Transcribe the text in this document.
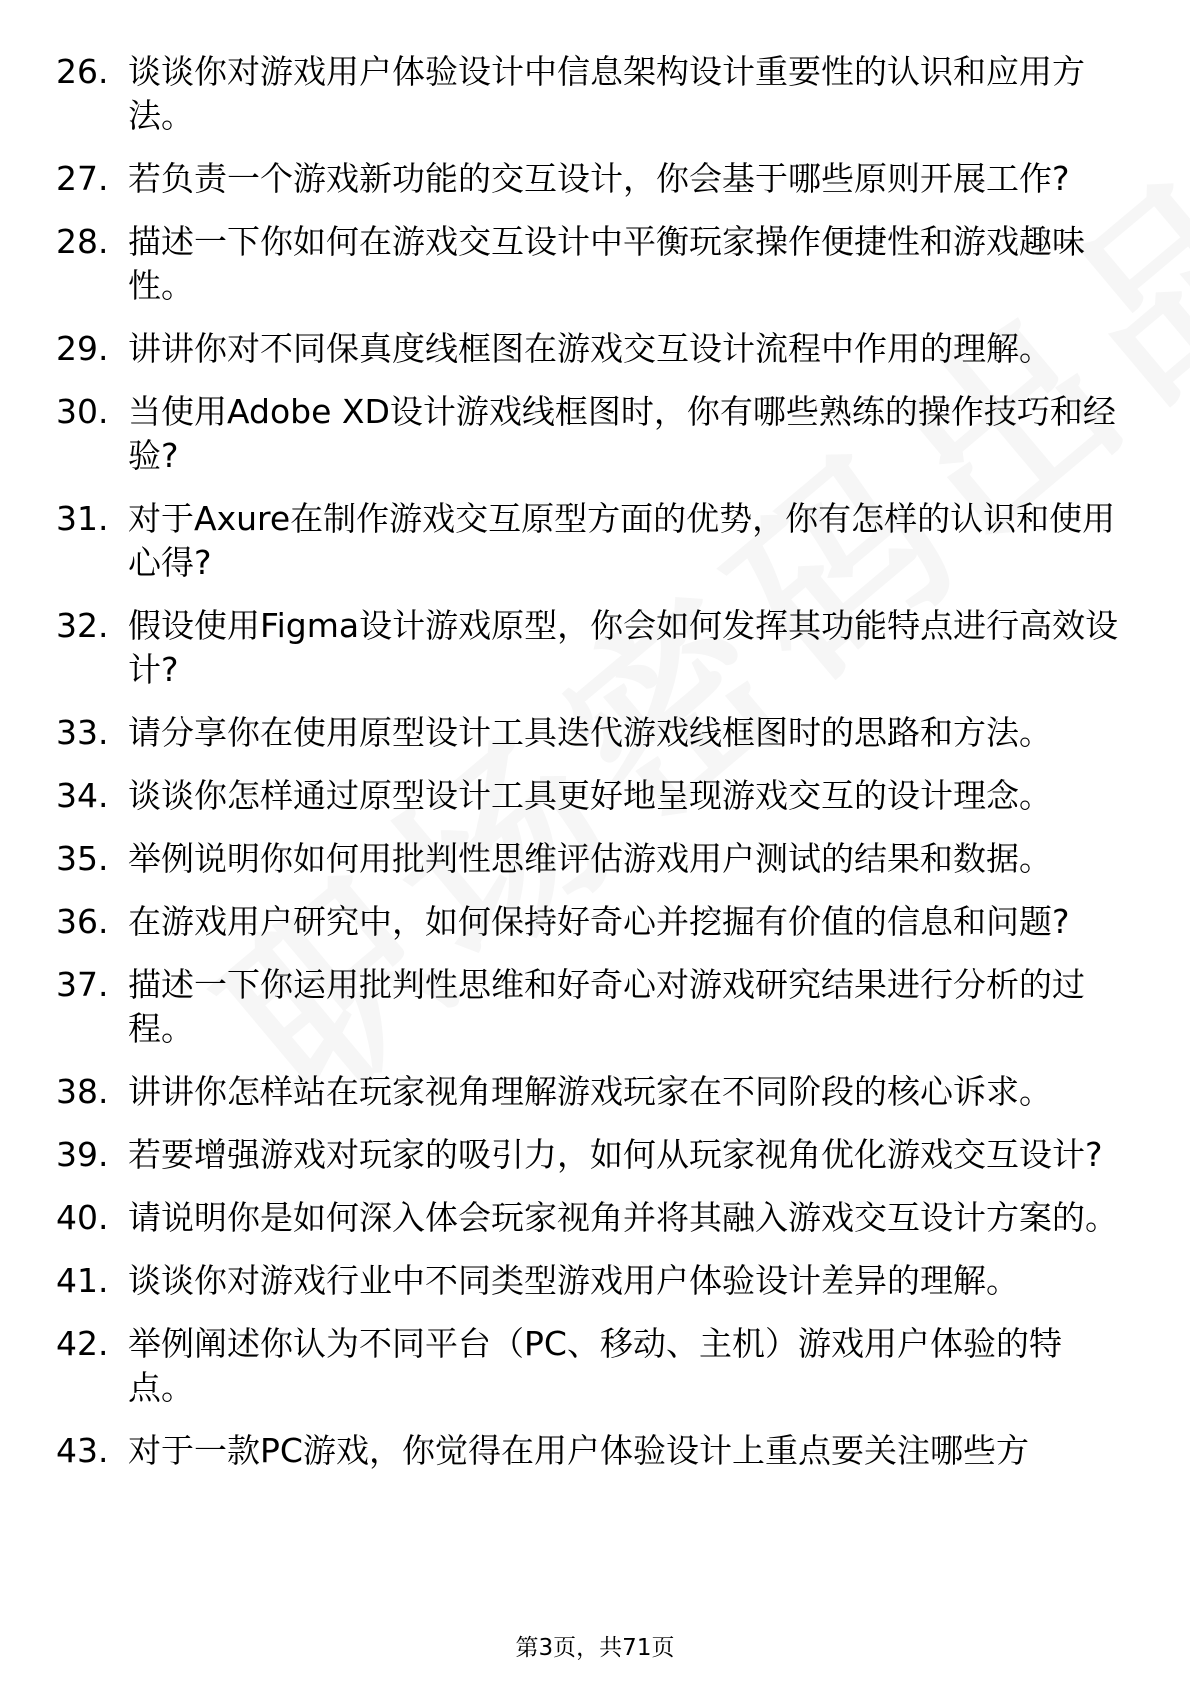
26. 谈谈你对游戏用户体验设计中信息架构设计重要性的认识和应用方法。
27. 若负责一个游戏新功能的交互设计，你会基于哪些原则开展工作?
28. 描述一下你如何在游戏交互设计中平衡玩家操作便捷性和游戏趣味性。
29. 讲讲你对不同保真度线框图在游戏交互设计流程中作用的理解。
30. 当使用Adobe XD设计游戏线框图时，你有哪些熟练的操作技巧和经验?
31. 对于Axure在制作游戏交互原型方面的优势，你有怎样的认识和使用心得?
32. 假设使用Figma设计游戏原型，你会如何发挥其功能特点进行高效设计?
33. 请分享你在使用原型设计工具迭代游戏线框图时的思路和方法。
34. 谈谈你怎样通过原型设计工具更好地呈现游戏交互的设计理念。
35. 举例说明你如何用批判性思维评估游戏用户测试的结果和数据。
36. 在游戏用户研究中，如何保持好奇心并挖掘有价值的信息和问题?
37. 描述一下你运用批判性思维和好奇心对游戏研究结果进行分析的过程。
38. 讲讲你怎样站在玩家视角理解游戏玩家在不同阶段的核心诉求。
39. 若要增强游戏对玩家的吸引力，如何从玩家视角优化游戏交互设计?
40. 请说明你是如何深入体会玩家视角并将其融入游戏交互设计方案的。
41. 谈谈你对游戏行业中不同类型游戏用户体验设计差异的理解。
42. 举例阐述你认为不同平台（PC、移动、主机）游戏用户体验的特点。
43. 对于一款PC游戏，你觉得在用户体验设计上重点要关注哪些方
第3页，共71页
